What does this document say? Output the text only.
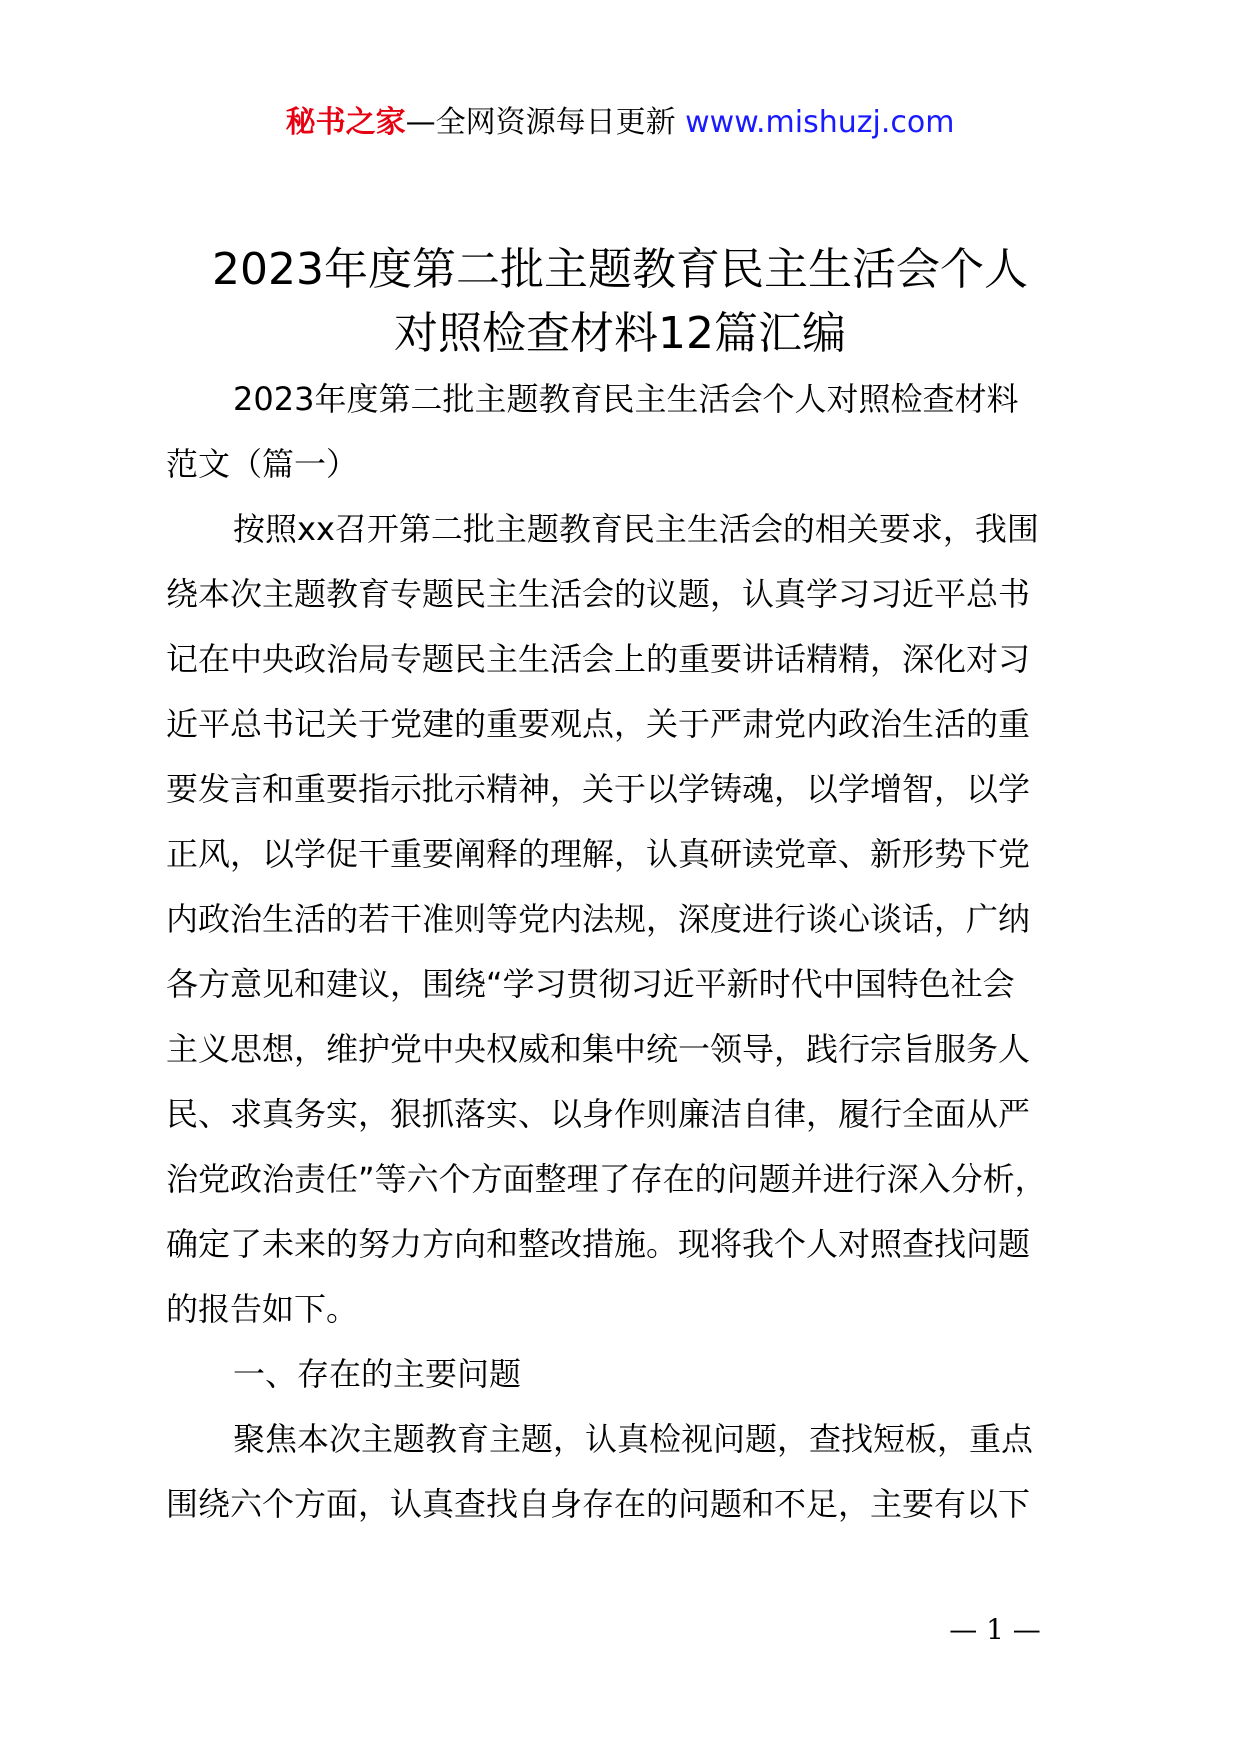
秘书之家—全网资源每日更新 www.mishuzj.com
2023年度第二批主题教育民主生活会个人
对照检查材料12篇汇编

2023年度第二批主题教育民主生活会个人对照检查材料
范文（篇一）

按照xx召开第二批主题教育民主生活会的相关要求，我围
绕本次主题教育专题民主生活会的议题，认真学习习近平总书
记在中央政治局专题民主生活会上的重要讲话精精，深化对习
近平总书记关于党建的重要观点，关于严肃党内政治生活的重
要发言和重要指示批示精神，关于以学铸魂，以学增智，以学
正风，以学促干重要阐释的理解，认真研读党章、新形势下党
内政治生活的若干准则等党内法规，深度进行谈心谈话，广纳
各方意见和建议，围绕“学习贯彻习近平新时代中国特色社会
主义思想，维护党中央权威和集中统一领导，践行宗旨服务人
民、求真务实，狠抓落实、以身作则廉洁自律，履行全面从严
治党政治责任”等六个方面整理了存在的问题并进行深入分析，
确定了未来的努力方向和整改措施。现将我个人对照查找问题
的报告如下。

一、存在的主要问题

聚焦本次主题教育主题，认真检视问题，查找短板，重点
围绕六个方面，认真查找自身存在的问题和不足，主要有以下

— 1 —
